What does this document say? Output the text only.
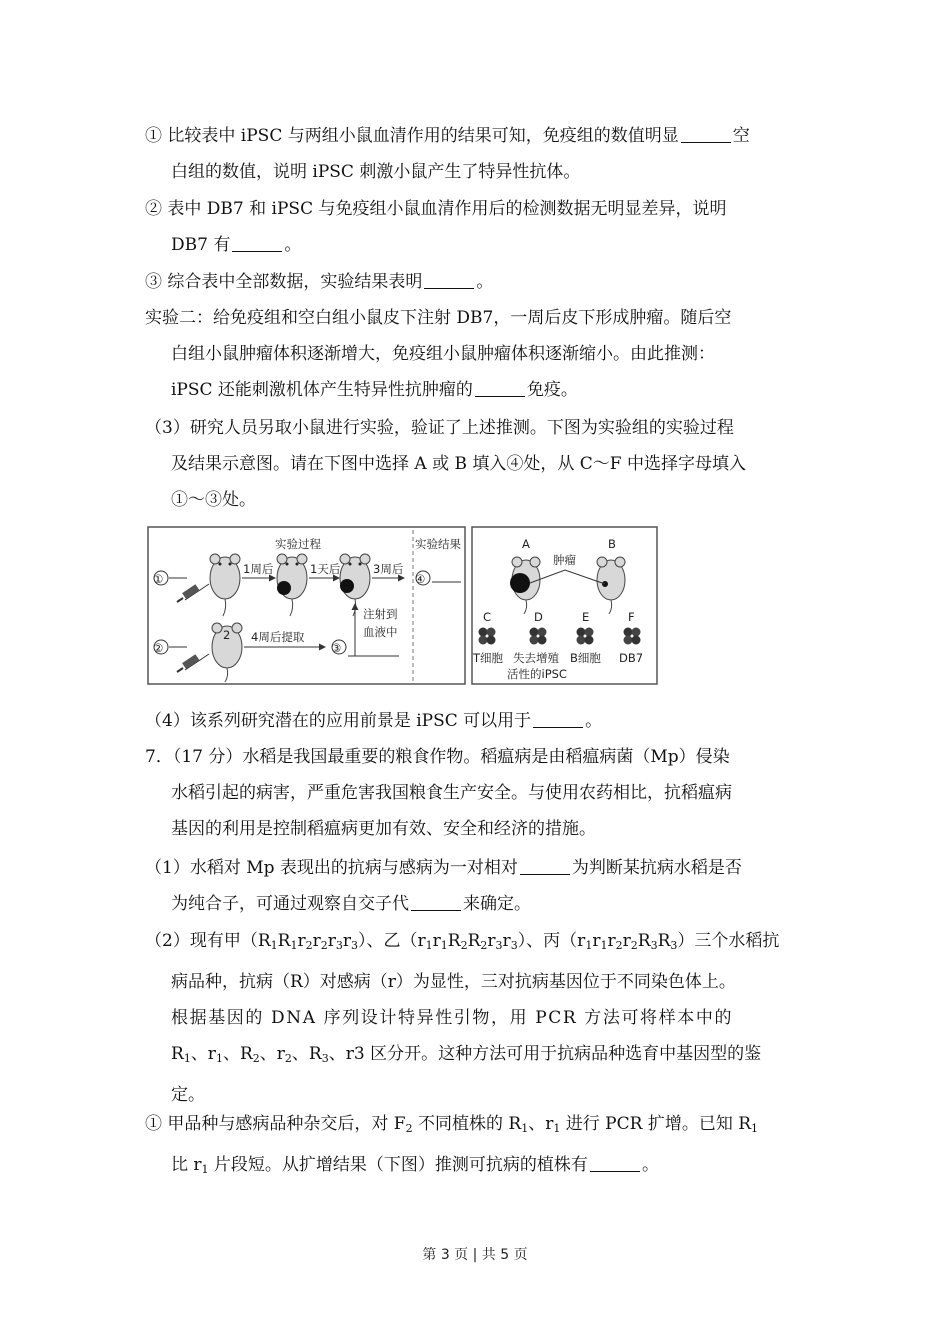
① 比较表中 iPSC 与两组小鼠血清作用的结果可知，免疫组的数值明显	空
白组的数值，说明 iPSC 刺激小鼠产生了特异性抗体。
② 表中 DB7 和 iPSC 与免疫组小鼠血清作用后的检测数据无明显差异，说明
DB7 有	。
③ 综合表中全部数据，实验结果表明	。
实验二：给免疫组和空白组小鼠皮下注射 DB7，一周后皮下形成肿瘤。随后空
白组小鼠肿瘤体积逐渐增大，免疫组小鼠肿瘤体积逐渐缩小。由此推测：
iPSC 还能刺激机体产生特异性抗肿瘤的	免疫。
（3）研究人员另取小鼠进行实验，验证了上述推测。下图为实验组的实验过程
及结果示意图。请在下图中选择 A 或 B 填入④处，从 C～F 中选择字母填入
①～③处。
实验过程	实验结果
①
1周后	1天后	3周后
④
注射到
血液中
②
2 4周后提取
③
A	B
肿瘤
C	D	E	F
T细胞 失去增殖
活性的iPSC
B细胞 DB7
（4）该系列研究潜在的应用前景是 iPSC 可以用于	。
7．（17 分）水稻是我国最重要的粮食作物。稻瘟病是由稻瘟病菌（Mp）侵染
水稻引起的病害，严重危害我国粮食生产安全。与使用农药相比，抗稻瘟病
基因的利用是控制稻瘟病更加有效、安全和经济的措施。
（1）水稻对 Mp 表现出的抗病与感病为一对相对	为判断某抗病水稻是否
为纯合子，可通过观察自交子代	来确定。
（2）现有甲$(R_1R_1r_2r_2r_3r_3)$、乙$(r_1r_1R_2R_2r_3r_3)$、丙$(r_1r_1r_2r_2R_3R_3)$三个水稻抗
病品种，抗病（R）对感病（r）为显性，三对抗病基因位于不同染色体上。
根据基因的 DNA 序列设计特异性引物，用 PCR 方法可将样本中的
$R_1$、$r_1$、$R_2$、$r_2$、$R_3$、r3 区分开。这种方法可用于抗病品种选育中基因型的鉴
定。
① 甲品种与感病品种杂交后，对 $F_2$ 不同植株的 $R_1$、$r_1$ 进行 PCR 扩增。已知 $R_1$
比 $r_1$ 片段短。从扩增结果（下图）推测可抗病的植株有	。
第 3 页 | 共 5 页
